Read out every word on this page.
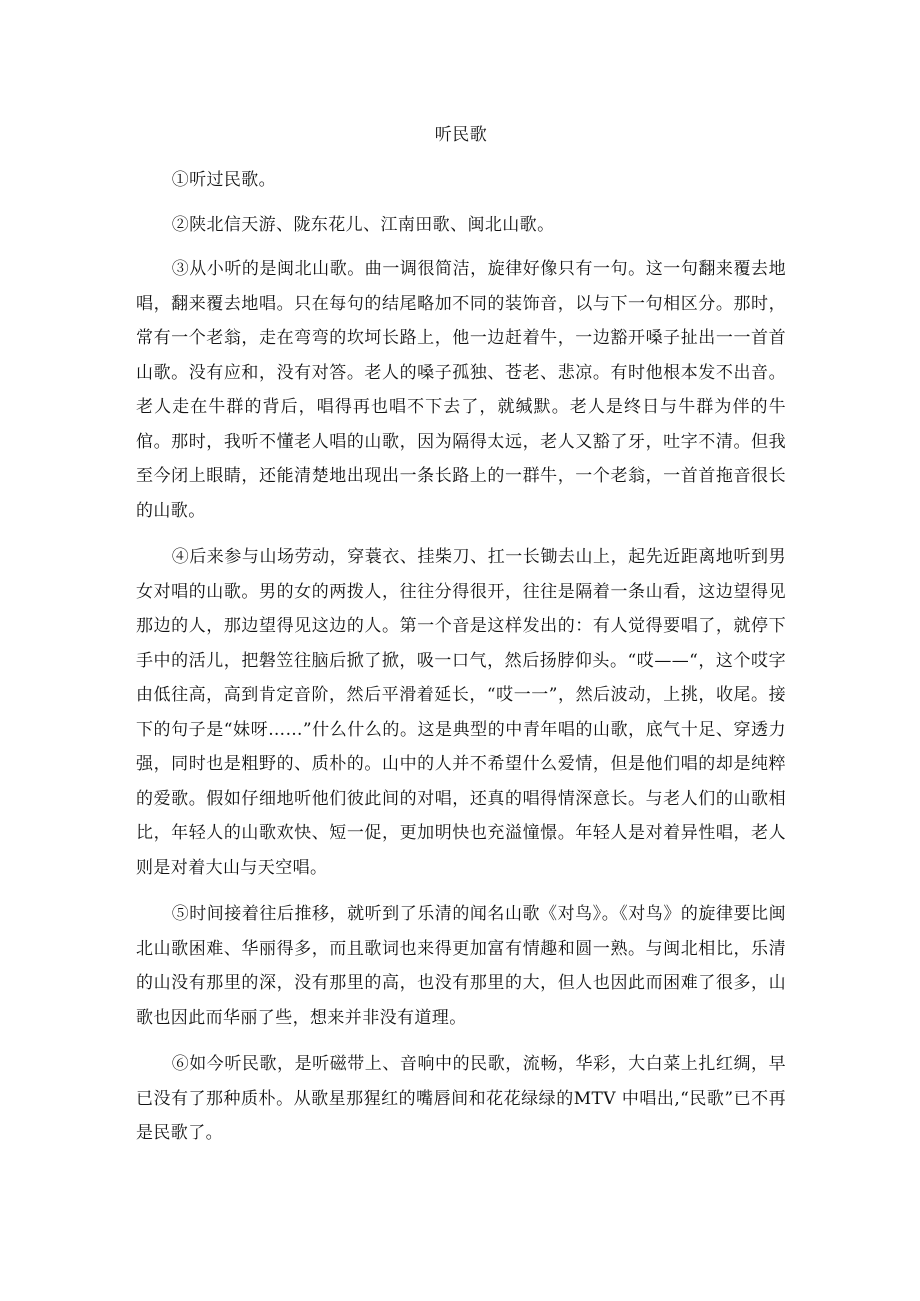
听民歌

①听过民歌。

②陕北信天游、陇东花儿、江南田歌、闽北山歌。

③从小听的是闽北山歌。曲一调很简洁，旋律好像只有一句。这一句翻来覆去地唱，翻来覆去地唱。只在每句的结尾略加不同的装饰音，以与下一句相区分。那时，常有一个老翁，走在弯弯的坎坷长路上，他一边赶着牛，一边豁开嗓子扯出一一首首山歌。没有应和，没有对答。老人的嗓子孤独、苍老、悲凉。有时他根本发不出音。老人走在牛群的背后，唱得再也唱不下去了，就缄默。老人是终日与牛群为伴的牛倌。那时，我听不懂老人唱的山歌，因为隔得太远，老人又豁了牙，吐字不清。但我至今闭上眼睛，还能清楚地出现出一条长路上的一群牛，一个老翁，一首首拖音很长的山歌。

④后来参与山场劳动，穿蓑衣、挂柴刀、扛一长锄去山上，起先近距离地听到男女对唱的山歌。男的女的两拨人，往往分得很开，往往是隔着一条山看，这边望得见那边的人，那边望得见这边的人。第一个音是这样发出的：有人觉得要唱了，就停下手中的活儿，把磐笠往脑后掀了掀，吸一口气，然后扬脖仰头。“哎——“，这个哎字由低往高，高到肯定音阶，然后平滑着延长，“哎一一”，然后波动，上挑，收尾。接下的句子是“妹呀……”什么什么的。这是典型的中青年唱的山歌，底气十足、穿透力强，同时也是粗野的、质朴的。山中的人并不希望什么爱情，但是他们唱的却是纯粹的爱歌。假如仔细地听他们彼此间的对唱，还真的唱得情深意长。与老人们的山歌相比，年轻人的山歌欢快、短一促，更加明快也充溢憧憬。年轻人是对着异性唱，老人则是对着大山与天空唱。

⑤时间接着往后推移，就听到了乐清的闻名山歌《对鸟》。《对鸟》的旋律要比闽北山歌困难、华丽得多，而且歌词也来得更加富有情趣和圆一熟。与闽北相比，乐清的山没有那里的深，没有那里的高，也没有那里的大，但人也因此而困难了很多，山歌也因此而华丽了些，想来并非没有道理。

⑥如今听民歌，是听磁带上、音响中的民歌，流畅，华彩，大白菜上扎红绸，早已没有了那种质朴。从歌星那猩红的嘴唇间和花花绿绿的MTV 中唱出,“民歌”已不再是民歌了。
